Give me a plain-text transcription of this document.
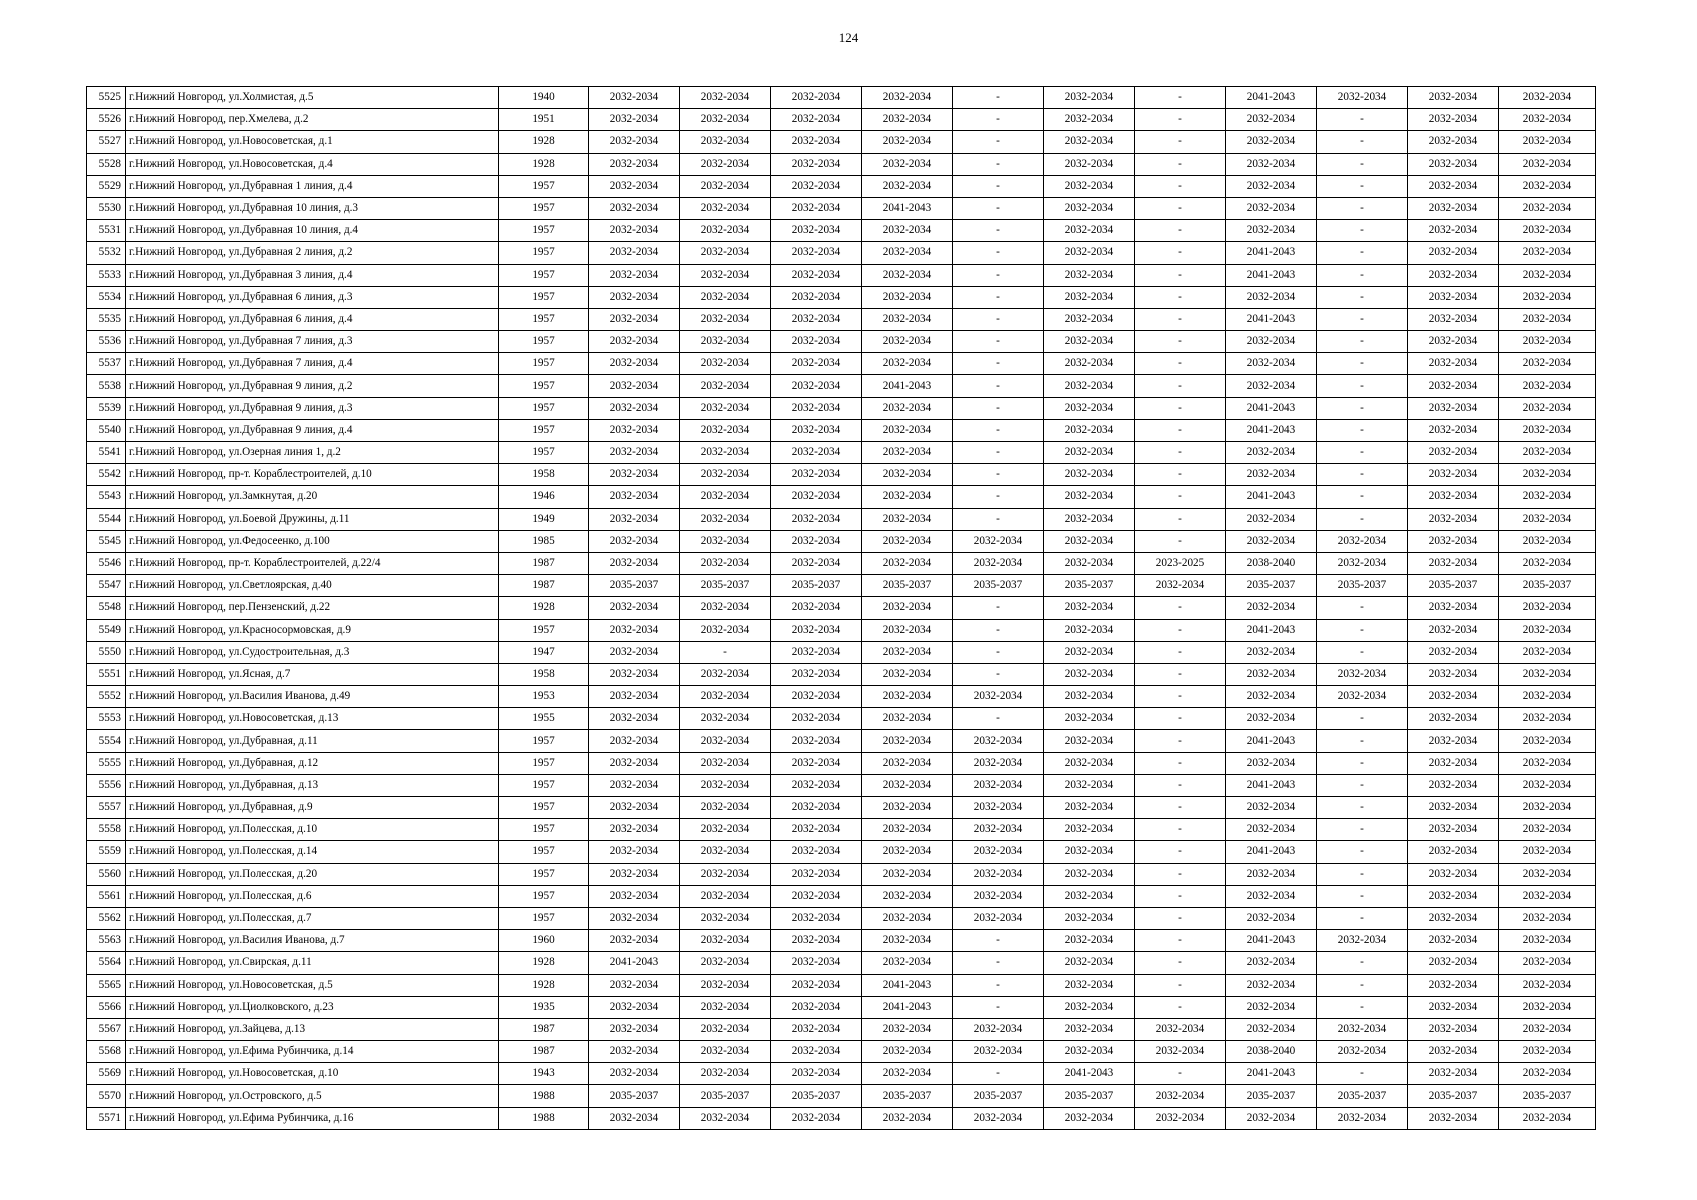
124
5525	г.Нижний Новгород, ул.Холмистая, д.5	1940	2032-2034	2032-2034	2032-2034	2032-2034	-	2032-2034	-	2041-2043	2032-2034	2032-2034	2032-2034
5526	г.Нижний Новгород, пер.Хмелева, д.2	1951	2032-2034	2032-2034	2032-2034	2032-2034	-	2032-2034	-	2032-2034	-	2032-2034	2032-2034
5527	г.Нижний Новгород, ул.Новосоветская, д.1	1928	2032-2034	2032-2034	2032-2034	2032-2034	-	2032-2034	-	2032-2034	-	2032-2034	2032-2034
5528	г.Нижний Новгород, ул.Новосоветская, д.4	1928	2032-2034	2032-2034	2032-2034	2032-2034	-	2032-2034	-	2032-2034	-	2032-2034	2032-2034
5529	г.Нижний Новгород, ул.Дубравная 1 линия, д.4	1957	2032-2034	2032-2034	2032-2034	2032-2034	-	2032-2034	-	2032-2034	-	2032-2034	2032-2034
5530	г.Нижний Новгород, ул.Дубравная 10 линия, д.3	1957	2032-2034	2032-2034	2032-2034	2041-2043	-	2032-2034	-	2032-2034	-	2032-2034	2032-2034
5531	г.Нижний Новгород, ул.Дубравная 10 линия, д.4	1957	2032-2034	2032-2034	2032-2034	2032-2034	-	2032-2034	-	2032-2034	-	2032-2034	2032-2034
5532	г.Нижний Новгород, ул.Дубравная 2 линия, д.2	1957	2032-2034	2032-2034	2032-2034	2032-2034	-	2032-2034	-	2041-2043	-	2032-2034	2032-2034
5533	г.Нижний Новгород, ул.Дубравная 3 линия, д.4	1957	2032-2034	2032-2034	2032-2034	2032-2034	-	2032-2034	-	2041-2043	-	2032-2034	2032-2034
5534	г.Нижний Новгород, ул.Дубравная 6 линия, д.3	1957	2032-2034	2032-2034	2032-2034	2032-2034	-	2032-2034	-	2032-2034	-	2032-2034	2032-2034
5535	г.Нижний Новгород, ул.Дубравная 6 линия, д.4	1957	2032-2034	2032-2034	2032-2034	2032-2034	-	2032-2034	-	2041-2043	-	2032-2034	2032-2034
5536	г.Нижний Новгород, ул.Дубравная 7 линия, д.3	1957	2032-2034	2032-2034	2032-2034	2032-2034	-	2032-2034	-	2032-2034	-	2032-2034	2032-2034
5537	г.Нижний Новгород, ул.Дубравная 7 линия, д.4	1957	2032-2034	2032-2034	2032-2034	2032-2034	-	2032-2034	-	2032-2034	-	2032-2034	2032-2034
5538	г.Нижний Новгород, ул.Дубравная 9 линия, д.2	1957	2032-2034	2032-2034	2032-2034	2041-2043	-	2032-2034	-	2032-2034	-	2032-2034	2032-2034
5539	г.Нижний Новгород, ул.Дубравная 9 линия, д.3	1957	2032-2034	2032-2034	2032-2034	2032-2034	-	2032-2034	-	2041-2043	-	2032-2034	2032-2034
5540	г.Нижний Новгород, ул.Дубравная 9 линия, д.4	1957	2032-2034	2032-2034	2032-2034	2032-2034	-	2032-2034	-	2041-2043	-	2032-2034	2032-2034
5541	г.Нижний Новгород, ул.Озерная линия 1, д.2	1957	2032-2034	2032-2034	2032-2034	2032-2034	-	2032-2034	-	2032-2034	-	2032-2034	2032-2034
5542	г.Нижний Новгород, пр-т. Кораблестроителей, д.10	1958	2032-2034	2032-2034	2032-2034	2032-2034	-	2032-2034	-	2032-2034	-	2032-2034	2032-2034
5543	г.Нижний Новгород, ул.Замкнутая, д.20	1946	2032-2034	2032-2034	2032-2034	2032-2034	-	2032-2034	-	2041-2043	-	2032-2034	2032-2034
5544	г.Нижний Новгород, ул.Боевой Дружины, д.11	1949	2032-2034	2032-2034	2032-2034	2032-2034	-	2032-2034	-	2032-2034	-	2032-2034	2032-2034
5545	г.Нижний Новгород, ул.Федосеенко, д.100	1985	2032-2034	2032-2034	2032-2034	2032-2034	2032-2034	2032-2034	-	2032-2034	2032-2034	2032-2034	2032-2034
5546	г.Нижний Новгород, пр-т. Кораблестроителей, д.22/4	1987	2032-2034	2032-2034	2032-2034	2032-2034	2032-2034	2032-2034	2023-2025	2038-2040	2032-2034	2032-2034	2032-2034
5547	г.Нижний Новгород, ул.Светлоярская, д.40	1987	2035-2037	2035-2037	2035-2037	2035-2037	2035-2037	2035-2037	2032-2034	2035-2037	2035-2037	2035-2037	2035-2037
5548	г.Нижний Новгород, пер.Пензенский, д.22	1928	2032-2034	2032-2034	2032-2034	2032-2034	-	2032-2034	-	2032-2034	-	2032-2034	2032-2034
5549	г.Нижний Новгород, ул.Красносормовская, д.9	1957	2032-2034	2032-2034	2032-2034	2032-2034	-	2032-2034	-	2041-2043	-	2032-2034	2032-2034
5550	г.Нижний Новгород, ул.Судостроительная, д.3	1947	2032-2034	-	2032-2034	2032-2034	-	2032-2034	-	2032-2034	-	2032-2034	2032-2034
5551	г.Нижний Новгород, ул.Ясная, д.7	1958	2032-2034	2032-2034	2032-2034	2032-2034	-	2032-2034	-	2032-2034	2032-2034	2032-2034	2032-2034
5552	г.Нижний Новгород, ул.Василия Иванова, д.49	1953	2032-2034	2032-2034	2032-2034	2032-2034	2032-2034	2032-2034	-	2032-2034	2032-2034	2032-2034	2032-2034
5553	г.Нижний Новгород, ул.Новосоветская, д.13	1955	2032-2034	2032-2034	2032-2034	2032-2034	-	2032-2034	-	2032-2034	-	2032-2034	2032-2034
5554	г.Нижний Новгород, ул.Дубравная, д.11	1957	2032-2034	2032-2034	2032-2034	2032-2034	2032-2034	2032-2034	-	2041-2043	-	2032-2034	2032-2034
5555	г.Нижний Новгород, ул.Дубравная, д.12	1957	2032-2034	2032-2034	2032-2034	2032-2034	2032-2034	2032-2034	-	2032-2034	-	2032-2034	2032-2034
5556	г.Нижний Новгород, ул.Дубравная, д.13	1957	2032-2034	2032-2034	2032-2034	2032-2034	2032-2034	2032-2034	-	2041-2043	-	2032-2034	2032-2034
5557	г.Нижний Новгород, ул.Дубравная, д.9	1957	2032-2034	2032-2034	2032-2034	2032-2034	2032-2034	2032-2034	-	2032-2034	-	2032-2034	2032-2034
5558	г.Нижний Новгород, ул.Полесская, д.10	1957	2032-2034	2032-2034	2032-2034	2032-2034	2032-2034	2032-2034	-	2032-2034	-	2032-2034	2032-2034
5559	г.Нижний Новгород, ул.Полесская, д.14	1957	2032-2034	2032-2034	2032-2034	2032-2034	2032-2034	2032-2034	-	2041-2043	-	2032-2034	2032-2034
5560	г.Нижний Новгород, ул.Полесская, д.20	1957	2032-2034	2032-2034	2032-2034	2032-2034	2032-2034	2032-2034	-	2032-2034	-	2032-2034	2032-2034
5561	г.Нижний Новгород, ул.Полесская, д.6	1957	2032-2034	2032-2034	2032-2034	2032-2034	2032-2034	2032-2034	-	2032-2034	-	2032-2034	2032-2034
5562	г.Нижний Новгород, ул.Полесская, д.7	1957	2032-2034	2032-2034	2032-2034	2032-2034	2032-2034	2032-2034	-	2032-2034	-	2032-2034	2032-2034
5563	г.Нижний Новгород, ул.Василия Иванова, д.7	1960	2032-2034	2032-2034	2032-2034	2032-2034	-	2032-2034	-	2041-2043	2032-2034	2032-2034	2032-2034
5564	г.Нижний Новгород, ул.Свирская, д.11	1928	2041-2043	2032-2034	2032-2034	2032-2034	-	2032-2034	-	2032-2034	-	2032-2034	2032-2034
5565	г.Нижний Новгород, ул.Новосоветская, д.5	1928	2032-2034	2032-2034	2032-2034	2041-2043	-	2032-2034	-	2032-2034	-	2032-2034	2032-2034
5566	г.Нижний Новгород, ул.Циолковского, д.23	1935	2032-2034	2032-2034	2032-2034	2041-2043	-	2032-2034	-	2032-2034	-	2032-2034	2032-2034
5567	г.Нижний Новгород, ул.Зайцева, д.13	1987	2032-2034	2032-2034	2032-2034	2032-2034	2032-2034	2032-2034	2032-2034	2032-2034	2032-2034	2032-2034	2032-2034
5568	г.Нижний Новгород, ул.Ефима Рубинчика, д.14	1987	2032-2034	2032-2034	2032-2034	2032-2034	2032-2034	2032-2034	2032-2034	2038-2040	2032-2034	2032-2034	2032-2034
5569	г.Нижний Новгород, ул.Новосоветская, д.10	1943	2032-2034	2032-2034	2032-2034	2032-2034	-	2041-2043	-	2041-2043	-	2032-2034	2032-2034
5570	г.Нижний Новгород, ул.Островского, д.5	1988	2035-2037	2035-2037	2035-2037	2035-2037	2035-2037	2035-2037	2032-2034	2035-2037	2035-2037	2035-2037	2035-2037
5571	г.Нижний Новгород, ул.Ефима Рубинчика, д.16	1988	2032-2034	2032-2034	2032-2034	2032-2034	2032-2034	2032-2034	2032-2034	2032-2034	2032-2034	2032-2034	2032-2034
